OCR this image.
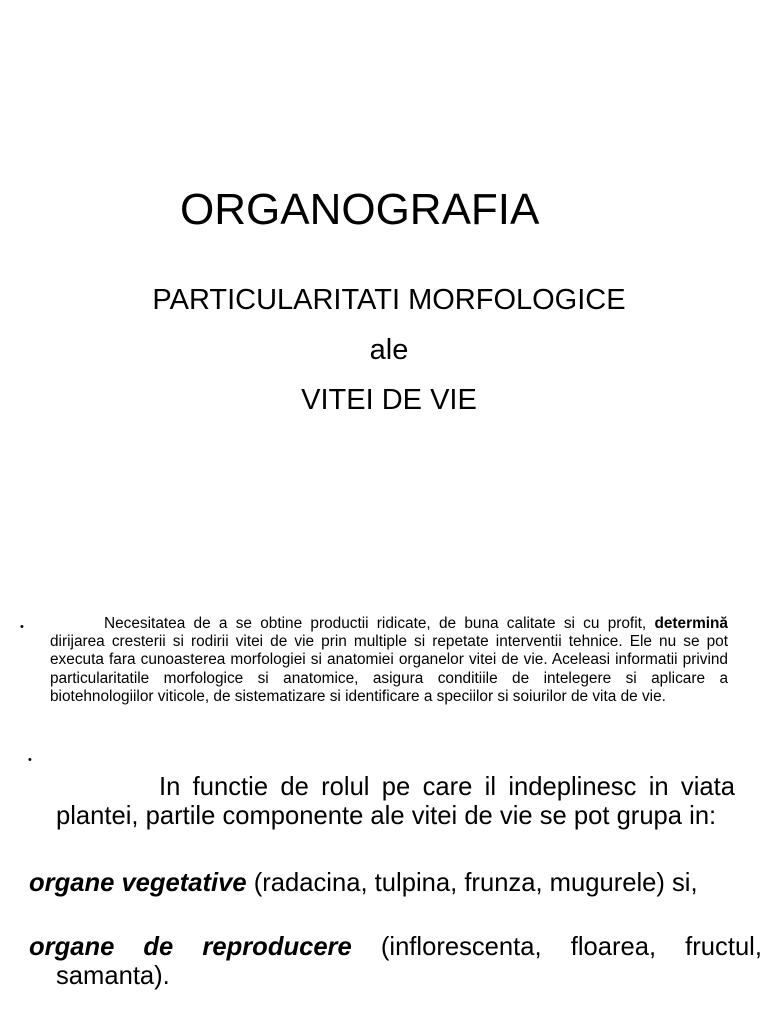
ORGANOGRAFIA
PARTICULARITATI MORFOLOGICE
ale
VITEI DE VIE
•	Necesitatea de a se obtine productii ridicate, de buna calitate si cu profit, determină dirijarea cresterii si rodirii vitei de vie prin multiple si repetate interventii tehnice. Ele nu se pot executa fara cunoasterea morfologiei si anatomiei organelor vitei de vie. Aceleasi informatii privind particularitatile morfologice si anatomice, asigura conditiile de intelegere si aplicare a biotehnologiilor viticole, de sistematizare si identificare a speciilor si soiurilor de vita de vie.

•

In functie de rolul pe care il indeplinesc in viata plantei, partile componente ale vitei de vie se pot grupa in:

organe vegetative (radacina, tulpina, frunza, mugurele) si,

organe de reproducere (inflorescenta, floarea, fructul, samanta).
